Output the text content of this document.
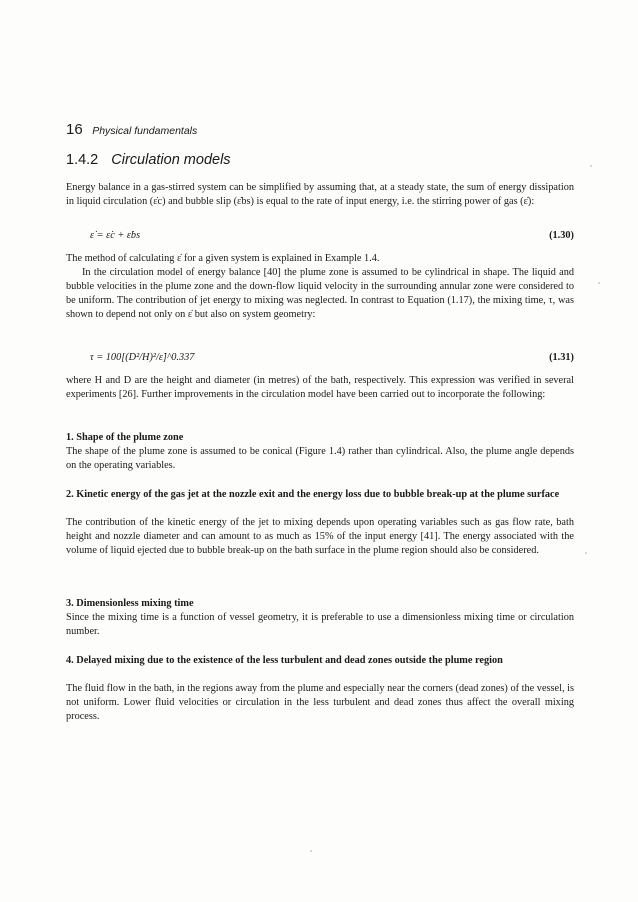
16 Physical fundamentals
1.4.2 Circulation models

Energy balance in a gas-stirred system can be simplified by assuming that, at a steady state, the sum of energy dissipation in liquid circulation (ε̇c) and bubble slip (ε̇bs) is equal to the rate of input energy, i.e. the stirring power of gas (ε̇):

ε̇ = ε̇c + ε̇bs	(1.30)

The method of calculating ε̇ for a given system is explained in Example 1.4.

In the circulation model of energy balance [40] the plume zone is assumed to be cylindrical in shape. The liquid and bubble velocities in the plume zone and the down-flow liquid velocity in the surrounding annular zone were considered to be uniform. The contribution of jet energy to mixing was neglected. In contrast to Equation (1.17), the mixing time, τ, was shown to depend not only on ε̇ but also on system geometry:

τ = 100[(D²/H)²/ε̇]^0.337	(1.31)

where H and D are the height and diameter (in metres) of the bath, respectively. This expression was verified in several experiments [26]. Further improvements in the circulation model have been carried out to incorporate the following:

1. Shape of the plume zone

The shape of the plume zone is assumed to be conical (Figure 1.4) rather than cylindrical. Also, the plume angle depends on the operating variables.

2. Kinetic energy of the gas jet at the nozzle exit and the energy loss due to bubble break-up at the plume surface

The contribution of the kinetic energy of the jet to mixing depends upon operating variables such as gas flow rate, bath height and nozzle diameter and can amount to as much as 15% of the input energy [41]. The energy associated with the volume of liquid ejected due to bubble break-up on the bath surface in the plume region should also be considered.

3. Dimensionless mixing time

Since the mixing time is a function of vessel geometry, it is preferable to use a dimensionless mixing time or circulation number.

4. Delayed mixing due to the existence of the less turbulent and dead zones outside the plume region

The fluid flow in the bath, in the regions away from the plume and especially near the corners (dead zones) of the vessel, is not uniform. Lower fluid velocities or circulation in the less turbulent and dead zones thus affect the overall mixing process.
